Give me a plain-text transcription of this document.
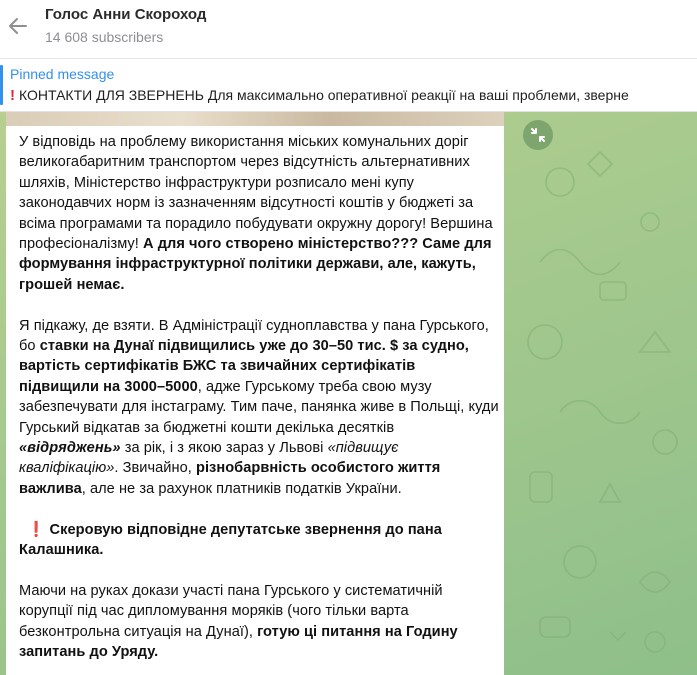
Голос Анни Скороход
14 608 subscribers
Pinned message
! КОНТАКТИ ДЛЯ ЗВЕРНЕНЬ Для максимально оперативної реакції на ваші проблеми, зверне

У відповідь на проблему використання міських комунальних доріг великогабаритним транспортом через відсутність альтернативних шляхів, Міністерство інфраструктури розписало мені купу законодавчих норм із зазначенням відсутності коштів у бюджеті за всіма програмами та порадило побудувати окружну дорогу! Вершина професіоналізму! А для чого створено міністерство??? Саме для формування інфраструктурної політики держави, але, кажуть, грошей немає.

Я підкажу, де взяти. В Адміністрації судноплавства у пана Гурського, бо ставки на Дунаї підвищились уже до 30–50 тис. $ за судно, вартість сертифікатів БЖС та звичайних сертифікатів підвищили на 3000–5000, адже Гурському треба свою музу забезпечувати для інстаграму. Тим паче, панянка живе в Польщі, куди Гурський відкатав за бюджетні кошти декілька десятків «відряджень» за рік, і з якою зараз у Львові «підвищує кваліфікацію». Звичайно, різнобарвність особистого життя важлива, але не за рахунок платників податків України.

❗ Скеровую відповідне депутатське звернення до пана Калашника.

Маючи на руках докази участі пана Гурського у систематичній корупції під час дипломування моряків (чого тільки варта безконтрольна ситуація на Дунаї), готую ці питання на Годину запитань до Уряду.
